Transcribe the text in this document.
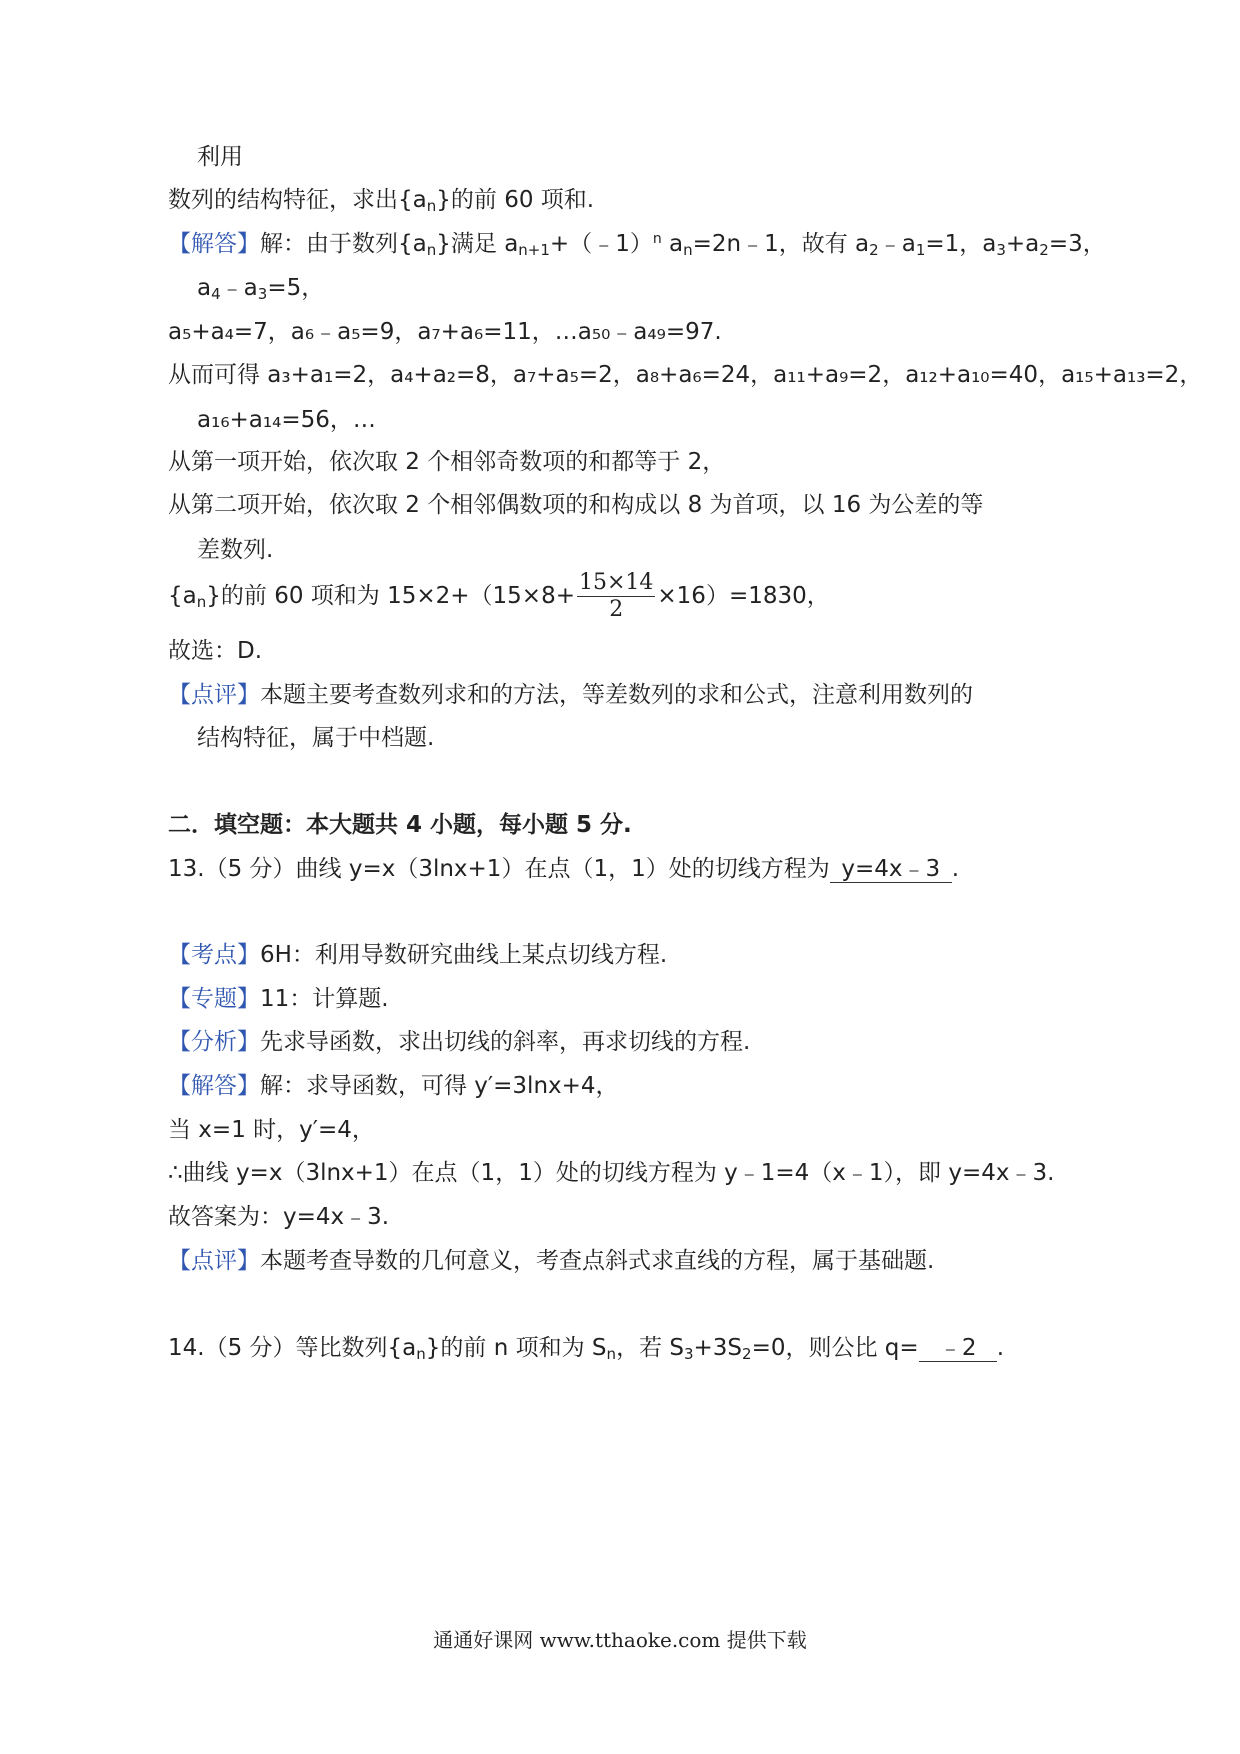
利用
数列的结构特征，求出$\{a_n\}$的前 60 项和.
【解答】解：由于数列$\{a_n\}$满足 $a_{n+1}+(﹣1)^n$ $a_n=2n﹣1$，故有 $a_2﹣a_1=1$，$a_3+a_2=3$，
$a_4﹣a_3=5$，
a₅+a₄=7，a₆﹣a₅=9，a₇+a₆=11，…a₅₀﹣a₄₉=97.
从而可得 a₃+a₁=2，a₄+a₂=8，a₇+a₅=2，a₈+a₆=24，a₁₁+a₉=2，a₁₂+a₁₀=40，a₁₅+a₁₃=2，
a₁₆+a₁₄=56，…
从第一项开始，依次取 2 个相邻奇数项的和都等于 2，
从第二项开始，依次取 2 个相邻偶数项的和构成以 8 为首项，以 16 为公差的等
差数列.
$\{a_n\}$的前 60 项和为 $15\times 2+(15\times 8+ \frac{15\times 14}{2} \times 16)=1830$，
故选：D.
【点评】本题主要考查数列求和的方法，等差数列的求和公式，注意利用数列的
结构特征，属于中档题.
二．填空题：本大题共 4 小题，每小题 5 分.
13.（5 分）曲线 y=x（3lnx+1）在点（1，1）处的切线方程为 y=4x﹣3 .
【考点】6H：利用导数研究曲线上某点切线方程.
【专题】11：计算题.
【分析】先求导函数，求出切线的斜率，再求切线的方程.
【解答】解：求导函数，可得 y′=3lnx+4，
当 x=1 时，y′=4，
∴曲线 y=x（3lnx+1）在点（1，1）处的切线方程为 y﹣1=4（x﹣1），即 y=4x﹣3.
故答案为：y=4x﹣3.
【点评】本题考查导数的几何意义，考查点斜式求直线的方程，属于基础题.
14.（5 分）等比数列$\{a_n\}$的前 n 项和为 $S_n$，若 $S_3+3S_2=0$，则公比 q= ﹣2 .
通通好课网 www.tthaoke.com 提供下载
